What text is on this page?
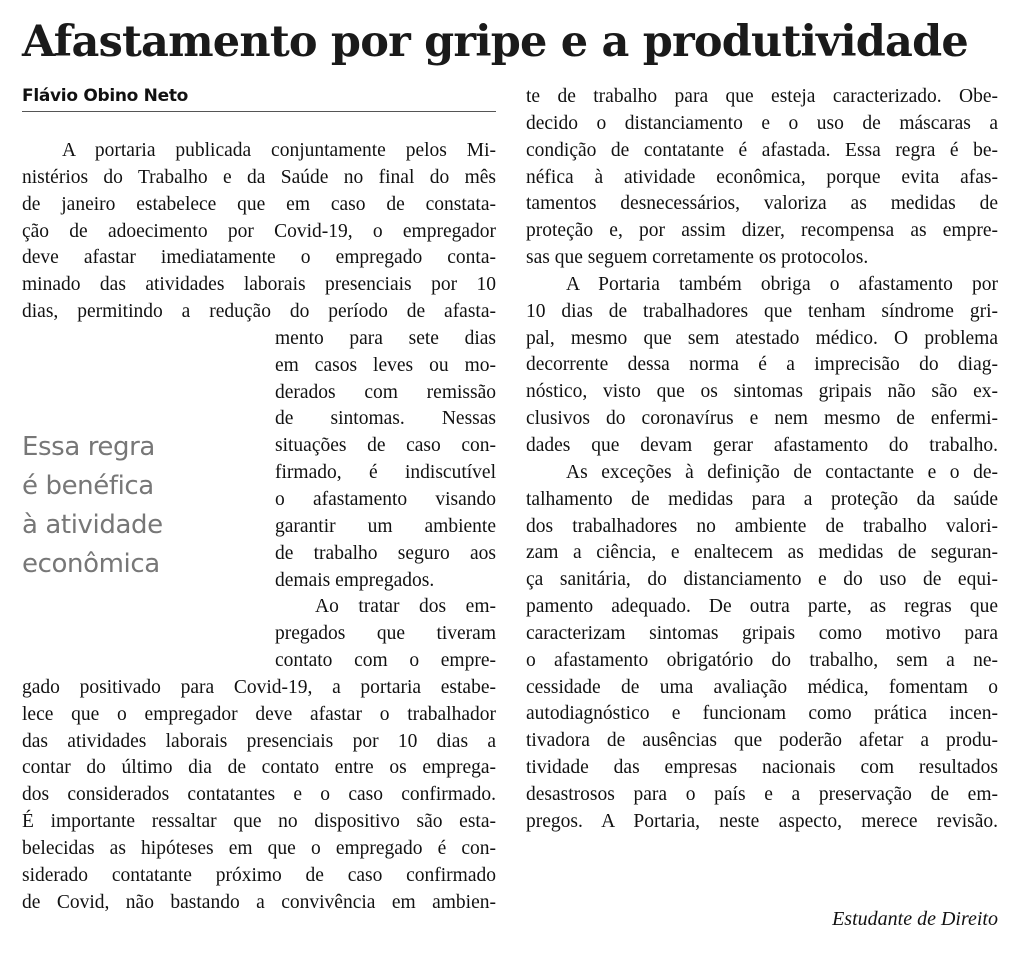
Afastamento por gripe e a produtividade
Flávio Obino Neto
A portaria publicada conjuntamente pelos Mi-
nistérios do Trabalho e da Saúde no final do mês
de janeiro estabelece que em caso de constata-
ção de adoecimento por Covid-19, o empregador
deve afastar imediatamente o empregado conta-
minado das atividades laborais presenciais por 10
dias, permitindo a redução do período de afasta-
mento para sete dias
em casos leves ou mo-
derados com remissão
de sintomas. Nessas
situações de caso con-
firmado, é indiscutível
o afastamento visando
garantir um ambiente
de trabalho seguro aos
demais empregados.
Ao tratar dos em-
pregados que tiveram
contato com o empre-
gado positivado para Covid-19, a portaria estabe-
lece que o empregador deve afastar o trabalhador
das atividades laborais presenciais por 10 dias a
contar do último dia de contato entre os emprega-
dos considerados contatantes e o caso confirmado.
É importante ressaltar que no dispositivo são esta-
belecidas as hipóteses em que o empregado é con-
siderado contatante próximo de caso confirmado
de Covid, não bastando a convivência em ambien-
Essa regra
é benéfica
à atividade
econômica
te de trabalho para que esteja caracterizado. Obe-
decido o distanciamento e o uso de máscaras a
condição de contatante é afastada. Essa regra é be-
néfica à atividade econômica, porque evita afas-
tamentos desnecessários, valoriza as medidas de
proteção e, por assim dizer, recompensa as empre-
sas que seguem corretamente os protocolos.
A Portaria também obriga o afastamento por
10 dias de trabalhadores que tenham síndrome gri-
pal, mesmo que sem atestado médico. O problema
decorrente dessa norma é a imprecisão do diag-
nóstico, visto que os sintomas gripais não são ex-
clusivos do coronavírus e nem mesmo de enfermi-
dades que devam gerar afastamento do trabalho.
As exceções à definição de contactante e o de-
talhamento de medidas para a proteção da saúde
dos trabalhadores no ambiente de trabalho valori-
zam a ciência, e enaltecem as medidas de seguran-
ça sanitária, do distanciamento e do uso de equi-
pamento adequado. De outra parte, as regras que
caracterizam sintomas gripais como motivo para
o afastamento obrigatório do trabalho, sem a ne-
cessidade de uma avaliação médica, fomentam o
autodiagnóstico e funcionam como prática incen-
tivadora de ausências que poderão afetar a produ-
tividade das empresas nacionais com resultados
desastrosos para o país e a preservação de em-
pregos. A Portaria, neste aspecto, merece revisão.
Estudante de Direito
